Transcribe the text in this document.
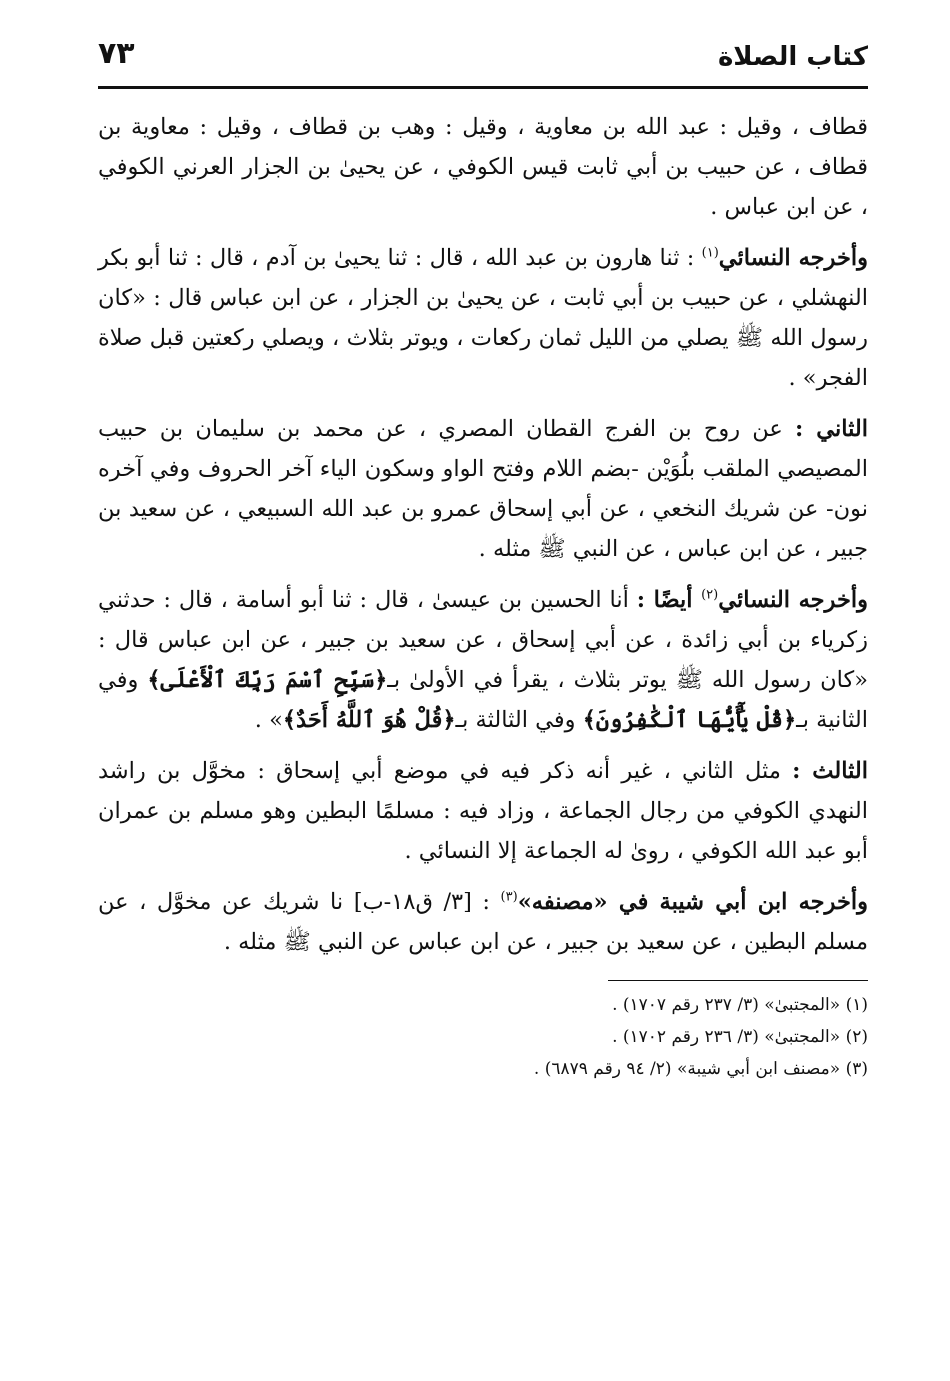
كتاب الصلاة
٧٣

قطاف ، وقيل : عبد الله بن معاوية ، وقيل : وهب بن قطاف ، وقيل : معاوية بن قطاف ، عن حبيب بن أبي ثابت قيس الكوفي ، عن يحيىٰ بن الجزار العرني الكوفي ، عن ابن عباس .

وأخرجه النسائي$^{(١)}$ : ثنا هارون بن عبد الله ، قال : ثنا يحيىٰ بن آدم ، قال : ثنا أبو بكر النهشلي ، عن حبيب بن أبي ثابت ، عن يحيىٰ بن الجزار ، عن ابن عباس قال : «كان رسول الله ﷺ يصلي من الليل ثمان ركعات ، ويوتر بثلاث ، ويصلي ركعتين قبل صلاة الفجر» .

الثاني : عن روح بن الفرج القطان المصري ، عن محمد بن سليمان بن حبيب المصيصي الملقب بلُوَيْن -بضم اللام وفتح الواو وسكون الياء آخر الحروف وفي آخره نون- عن شريك النخعي ، عن أبي إسحاق عمرو بن عبد الله السبيعي ، عن سعيد بن جبير ، عن ابن عباس ، عن النبي ﷺ مثله .

وأخرجه النسائي$^{(٢)}$ أيضًا : أنا الحسين بن عيسىٰ ، قال : ثنا أبو أسامة ، قال : حدثني زكرياء بن أبي زائدة ، عن أبي إسحاق ، عن سعيد بن جبير ، عن ابن عباس قال : «كان رسول الله ﷺ يوتر بثلاث ، يقرأ في الأولىٰ بـ﴿سَبِّحِ ٱسْمَ رَبِّكَ ٱلْأَعْلَى﴾ وفي الثانية بـ﴿قُلْ يَٰٓأَيُّهَا ٱلْكَٰفِرُونَ﴾ وفي الثالثة بـ﴿قُلْ هُوَ ٱللَّهُ أَحَدٌ﴾» .

الثالث : مثل الثاني ، غير أنه ذكر فيه في موضع أبي إسحاق : مخوَّل بن راشد النهدي الكوفي من رجال الجماعة ، وزاد فيه : مسلمًا البطين وهو مسلم بن عمران أبو عبد الله الكوفي ، روىٰ له الجماعة إلا النسائي .

وأخرجه ابن أبي شيبة في «مصنفه»$^{(٣)}$ : [٣/ ق١٨-ب] نا شريك عن مخوَّل ، عن مسلم البطين ، عن سعيد بن جبير ، عن ابن عباس عن النبي ﷺ مثله .

(١) «المجتبىٰ» (٣/ ٢٣٧ رقم ١٧٠٧) .
(٢) «المجتبىٰ» (٣/ ٢٣٦ رقم ١٧٠٢) .
(٣) «مصنف ابن أبي شيبة» (٢/ ٩٤ رقم ٦٨٧٩) .
